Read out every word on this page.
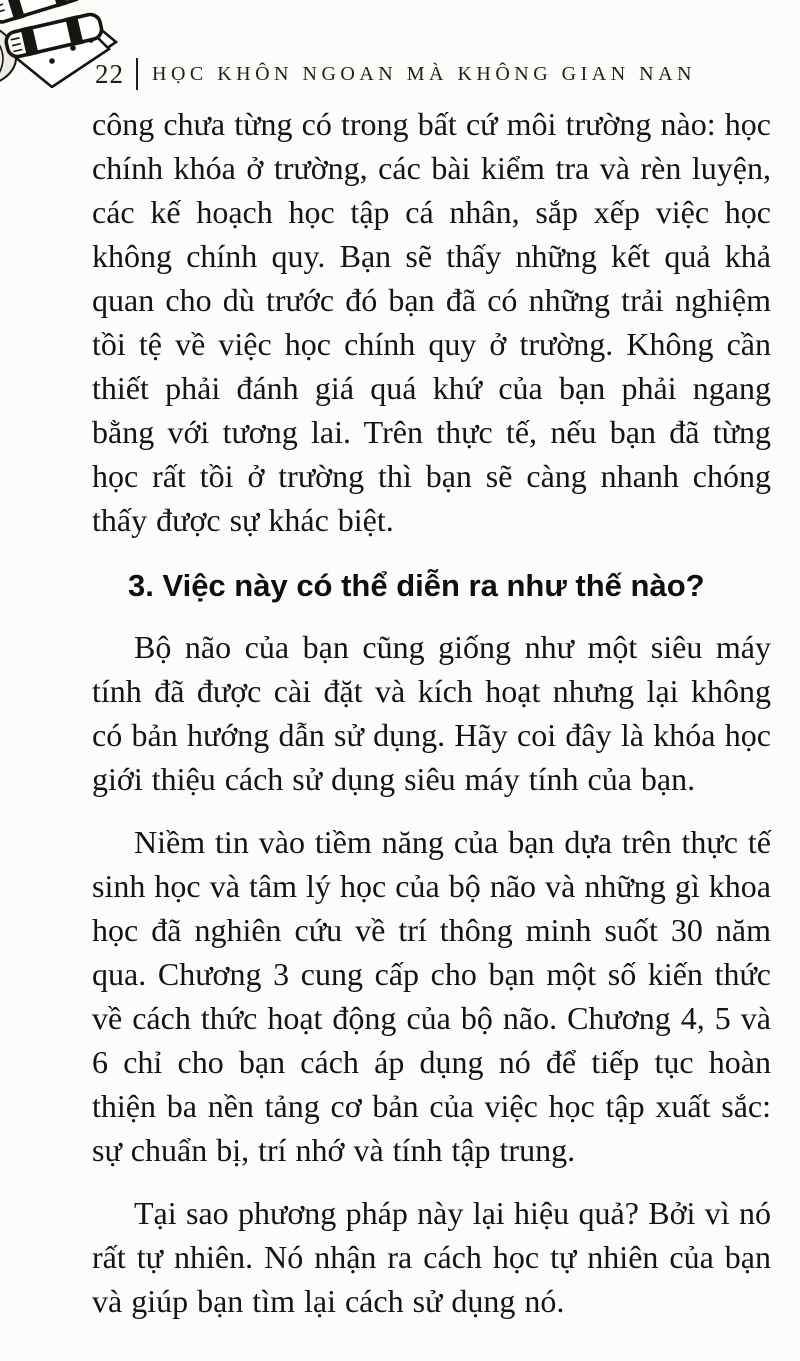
22 HỌC KHÔN NGOAN MÀ KHÔNG GIAN NAN

công chưa từng có trong bất cứ môi trường nào: học chính khóa ở trường, các bài kiểm tra và rèn luyện, các kế hoạch học tập cá nhân, sắp xếp việc học không chính quy. Bạn sẽ thấy những kết quả khả quan cho dù trước đó bạn đã có những trải nghiệm tồi tệ về việc học chính quy ở trường. Không cần thiết phải đánh giá quá khứ của bạn phải ngang bằng với tương lai. Trên thực tế, nếu bạn đã từng học rất tồi ở trường thì bạn sẽ càng nhanh chóng thấy được sự khác biệt.

3. Việc này có thể diễn ra như thế nào?

Bộ não của bạn cũng giống như một siêu máy tính đã được cài đặt và kích hoạt nhưng lại không có bản hướng dẫn sử dụng. Hãy coi đây là khóa học giới thiệu cách sử dụng siêu máy tính của bạn.

Niềm tin vào tiềm năng của bạn dựa trên thực tế sinh học và tâm lý học của bộ não và những gì khoa học đã nghiên cứu về trí thông minh suốt 30 năm qua. Chương 3 cung cấp cho bạn một số kiến thức về cách thức hoạt động của bộ não. Chương 4, 5 và 6 chỉ cho bạn cách áp dụng nó để tiếp tục hoàn thiện ba nền tảng cơ bản của việc học tập xuất sắc: sự chuẩn bị, trí nhớ và tính tập trung.

Tại sao phương pháp này lại hiệu quả? Bởi vì nó rất tự nhiên. Nó nhận ra cách học tự nhiên của bạn và giúp bạn tìm lại cách sử dụng nó.
